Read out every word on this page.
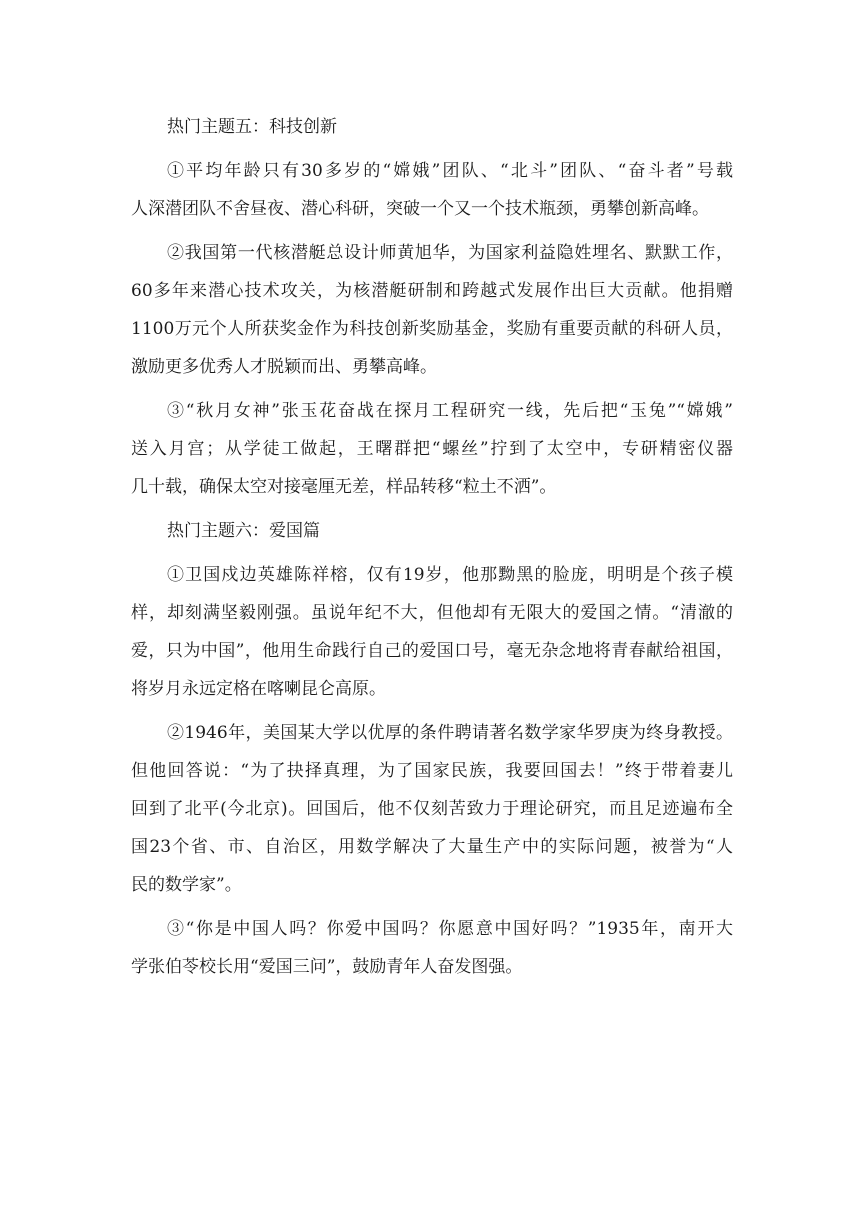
热门主题五：科技创新
①平均年龄只有30多岁的“嫦娥”团队、“北斗”团队、“奋斗者”号载
人深潜团队不舍昼夜、潜心科研，突破一个又一个技术瓶颈，勇攀创新高峰。
②我国第一代核潜艇总设计师黄旭华，为国家利益隐姓埋名、默默工作，
60多年来潜心技术攻关，为核潜艇研制和跨越式发展作出巨大贡献。他捐赠
1100万元个人所获奖金作为科技创新奖励基金，奖励有重要贡献的科研人员，
激励更多优秀人才脱颖而出、勇攀高峰。
③“秋月女神”张玉花奋战在探月工程研究一线，先后把“玉兔”“嫦娥”
送入月宫；从学徒工做起，王曙群把“螺丝”拧到了太空中，专研精密仪器
几十载，确保太空对接毫厘无差，样品转移“粒土不洒”。
热门主题六：爱国篇
①卫国戍边英雄陈祥榕，仅有19岁，他那黝黑的脸庞，明明是个孩子模
样，却刻满坚毅刚强。虽说年纪不大，但他却有无限大的爱国之情。“清澈的
爱，只为中国”，他用生命践行自己的爱国口号，毫无杂念地将青春献给祖国，
将岁月永远定格在喀喇昆仑高原。
②1946年，美国某大学以优厚的条件聘请著名数学家华罗庚为终身教授。
但他回答说：“为了抉择真理，为了国家民族，我要回国去！”终于带着妻儿
回到了北平(今北京)。回国后，他不仅刻苦致力于理论研究，而且足迹遍布全
国23个省、市、自治区，用数学解决了大量生产中的实际问题，被誉为“人
民的数学家”。
③“你是中国人吗？你爱中国吗？你愿意中国好吗？”1935年，南开大
学张伯苓校长用“爱国三问”，鼓励青年人奋发图强。
